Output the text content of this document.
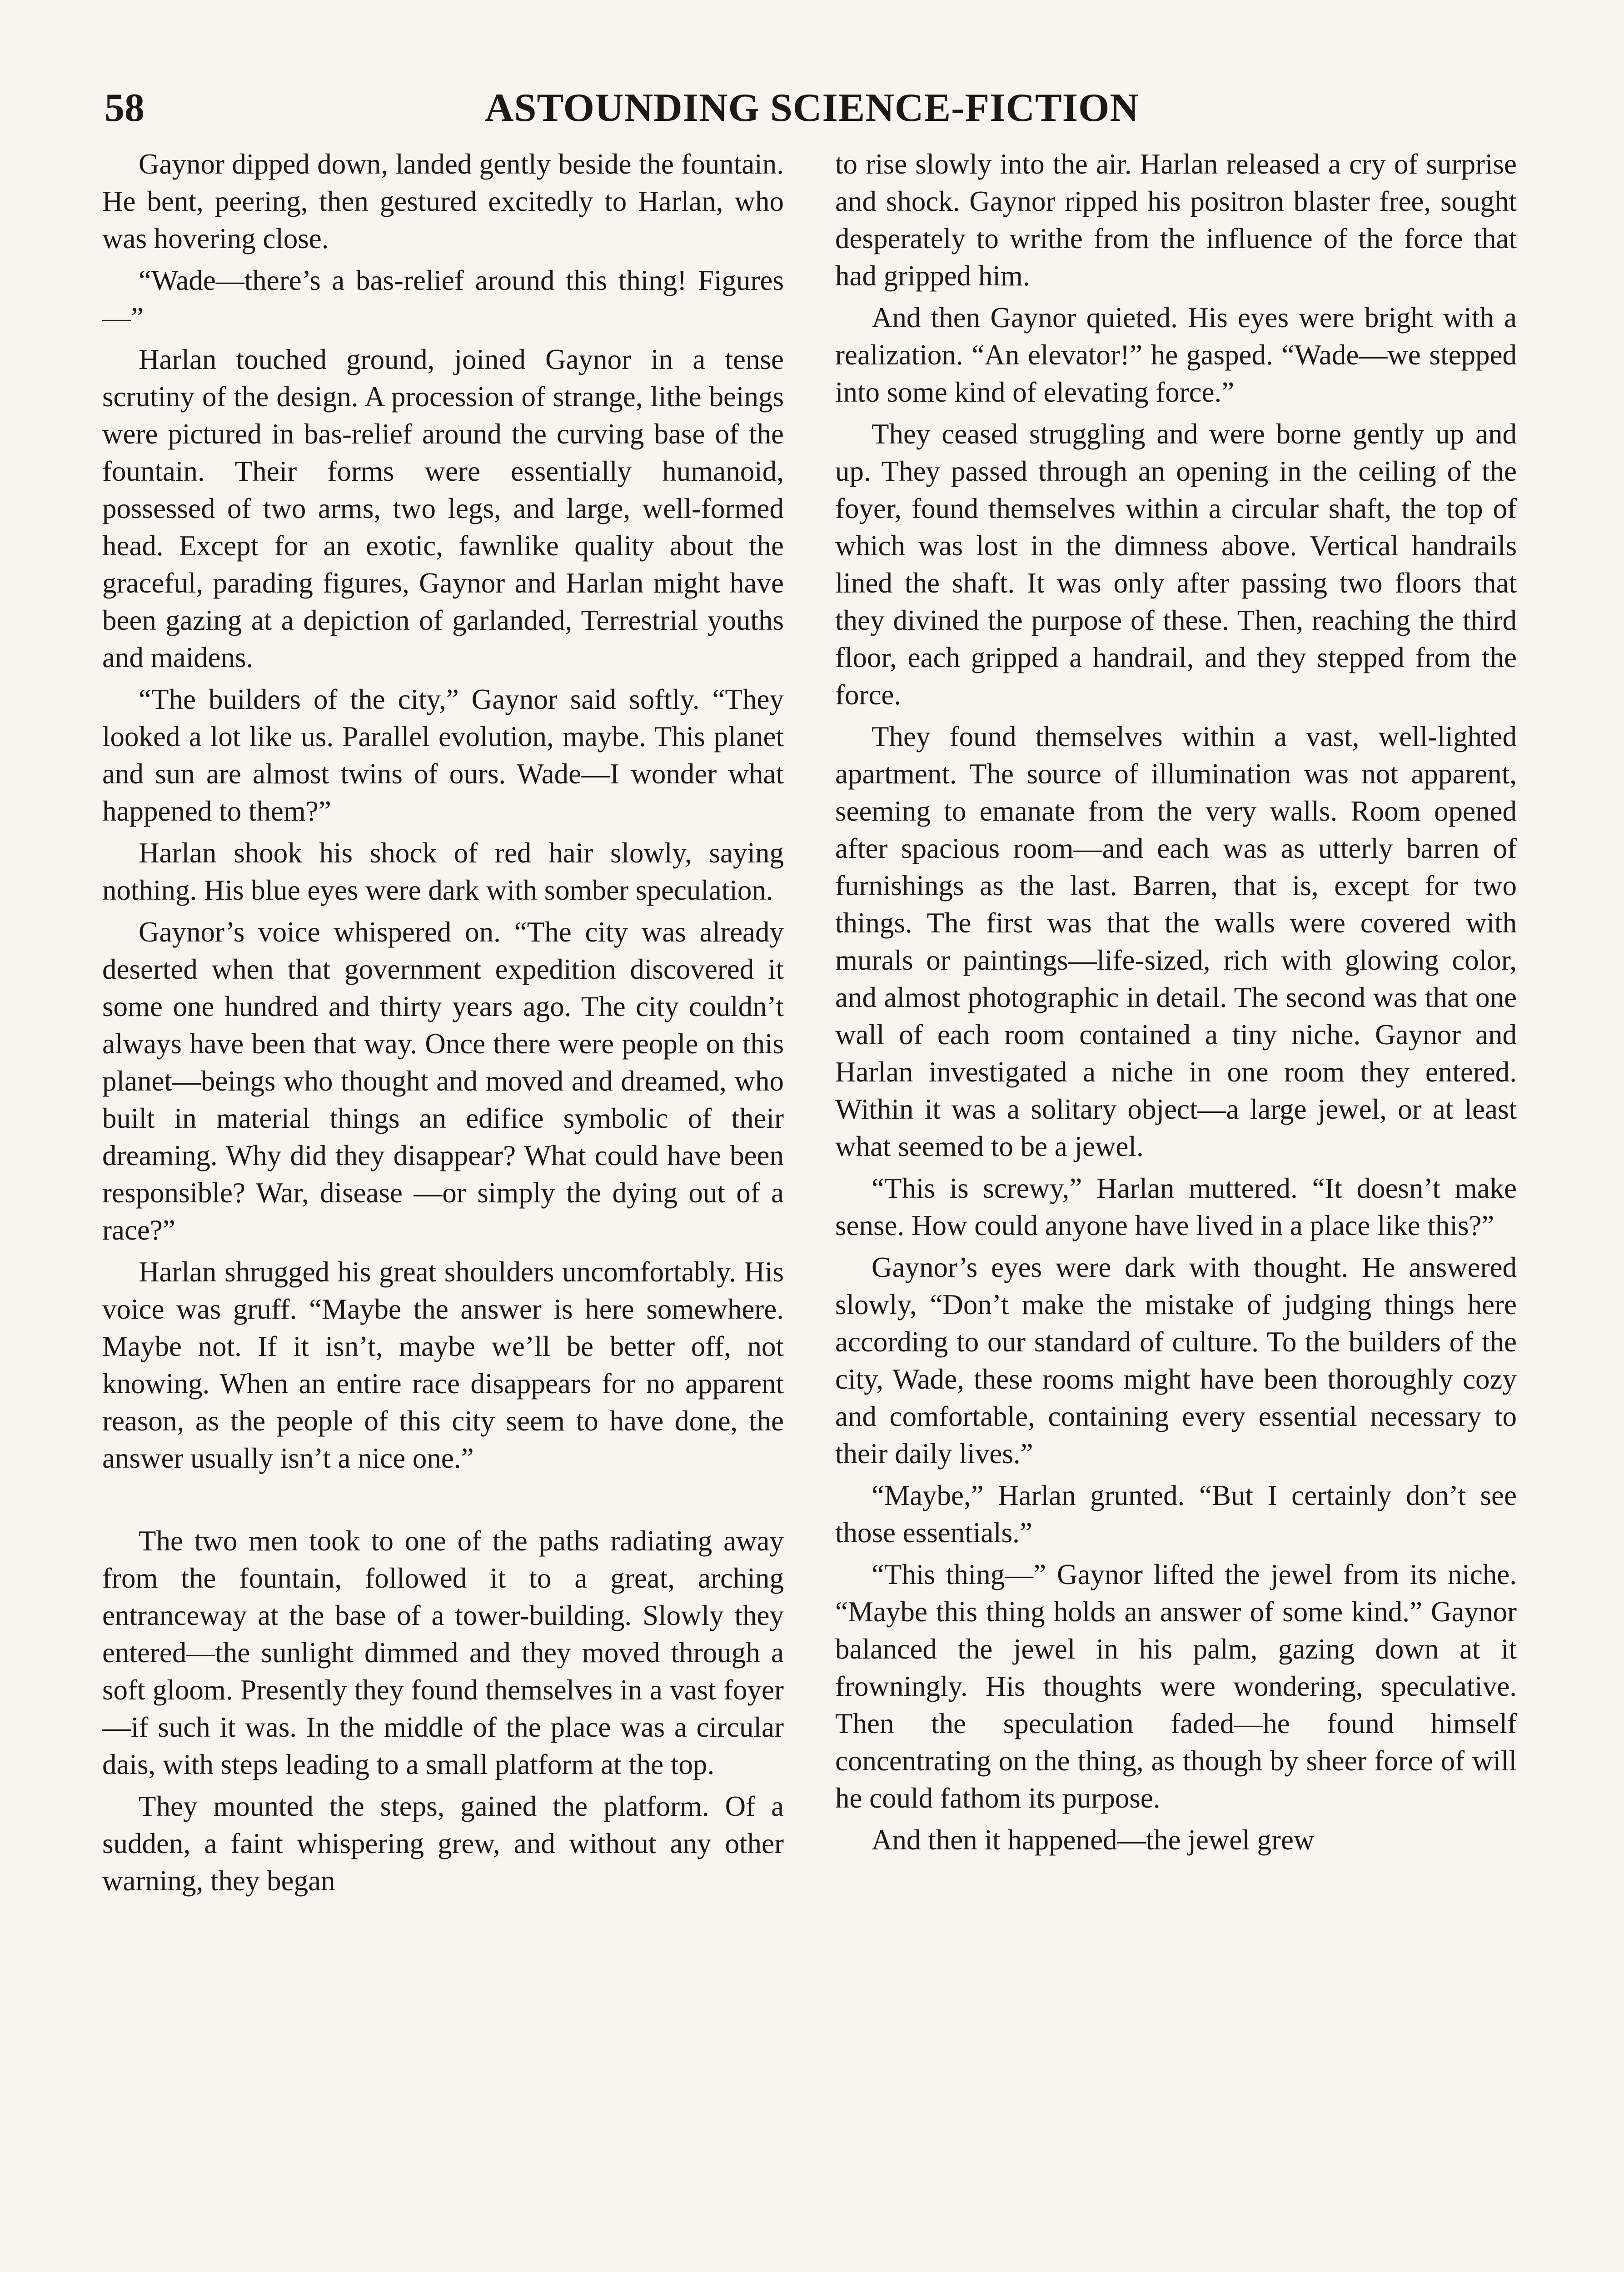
58	ASTOUNDING SCIENCE-FICTION

Gaynor dipped down, landed gently beside the fountain. He bent, peering, then gestured excitedly to Harlan, who was hovering close.

“Wade—there’s a bas-relief around this thing! Figures—”

Harlan touched ground, joined Gaynor in a tense scrutiny of the design. A procession of strange, lithe beings were pictured in bas-relief around the curving base of the fountain. Their forms were essentially humanoid, possessed of two arms, two legs, and large, well-formed head. Except for an exotic, fawnlike quality about the graceful, parading figures, Gaynor and Harlan might have been gazing at a depiction of garlanded, Terrestrial youths and maidens.

“The builders of the city,” Gaynor said softly. “They looked a lot like us. Parallel evolution, maybe. This planet and sun are almost twins of ours. Wade—I wonder what happened to them?”

Harlan shook his shock of red hair slowly, saying nothing. His blue eyes were dark with somber speculation.

Gaynor’s voice whispered on. “The city was already deserted when that government expedition discovered it some one hundred and thirty years ago. The city couldn’t always have been that way. Once there were people on this planet—beings who thought and moved and dreamed, who built in material things an edifice symbolic of their dreaming. Why did they disappear? What could have been responsible? War, disease —or simply the dying out of a race?”

Harlan shrugged his great shoulders uncomfortably. His voice was gruff. “Maybe the answer is here somewhere. Maybe not. If it isn’t, maybe we’ll be better off, not knowing. When an entire race disappears for no apparent reason, as the people of this city seem to have done, the answer usually isn’t a nice one.”

The two men took to one of the paths radiating away from the fountain, followed it to a great, arching entranceway at the base of a tower-building. Slowly they entered—the sunlight dimmed and they moved through a soft gloom. Presently they found themselves in a vast foyer—if such it was. In the middle of the place was a circular dais, with steps leading to a small platform at the top.

They mounted the steps, gained the platform. Of a sudden, a faint whispering grew, and without any other warning, they began

to rise slowly into the air. Harlan released a cry of surprise and shock. Gaynor ripped his positron blaster free, sought desperately to writhe from the influence of the force that had gripped him.

And then Gaynor quieted. His eyes were bright with a realization. “An elevator!” he gasped. “Wade—we stepped into some kind of elevating force.”

They ceased struggling and were borne gently up and up. They passed through an opening in the ceiling of the foyer, found themselves within a circular shaft, the top of which was lost in the dimness above. Vertical handrails lined the shaft. It was only after passing two floors that they divined the purpose of these. Then, reaching the third floor, each gripped a handrail, and they stepped from the force.

They found themselves within a vast, well-lighted apartment. The source of illumination was not apparent, seeming to emanate from the very walls. Room opened after spacious room—and each was as utterly barren of furnishings as the last. Barren, that is, except for two things. The first was that the walls were covered with murals or paintings—life-sized, rich with glowing color, and almost photographic in detail. The second was that one wall of each room contained a tiny niche. Gaynor and Harlan investigated a niche in one room they entered. Within it was a solitary object—a large jewel, or at least what seemed to be a jewel.

“This is screwy,” Harlan muttered. “It doesn’t make sense. How could anyone have lived in a place like this?”

Gaynor’s eyes were dark with thought. He answered slowly, “Don’t make the mistake of judging things here according to our standard of culture. To the builders of the city, Wade, these rooms might have been thoroughly cozy and comfortable, containing every essential necessary to their daily lives.”

“Maybe,” Harlan grunted. “But I certainly don’t see those essentials.”

“This thing—” Gaynor lifted the jewel from its niche. “Maybe this thing holds an answer of some kind.” Gaynor balanced the jewel in his palm, gazing down at it frowningly. His thoughts were wondering, speculative. Then the speculation faded—he found himself concentrating on the thing, as though by sheer force of will he could fathom its purpose.

And then it happened—the jewel grew
